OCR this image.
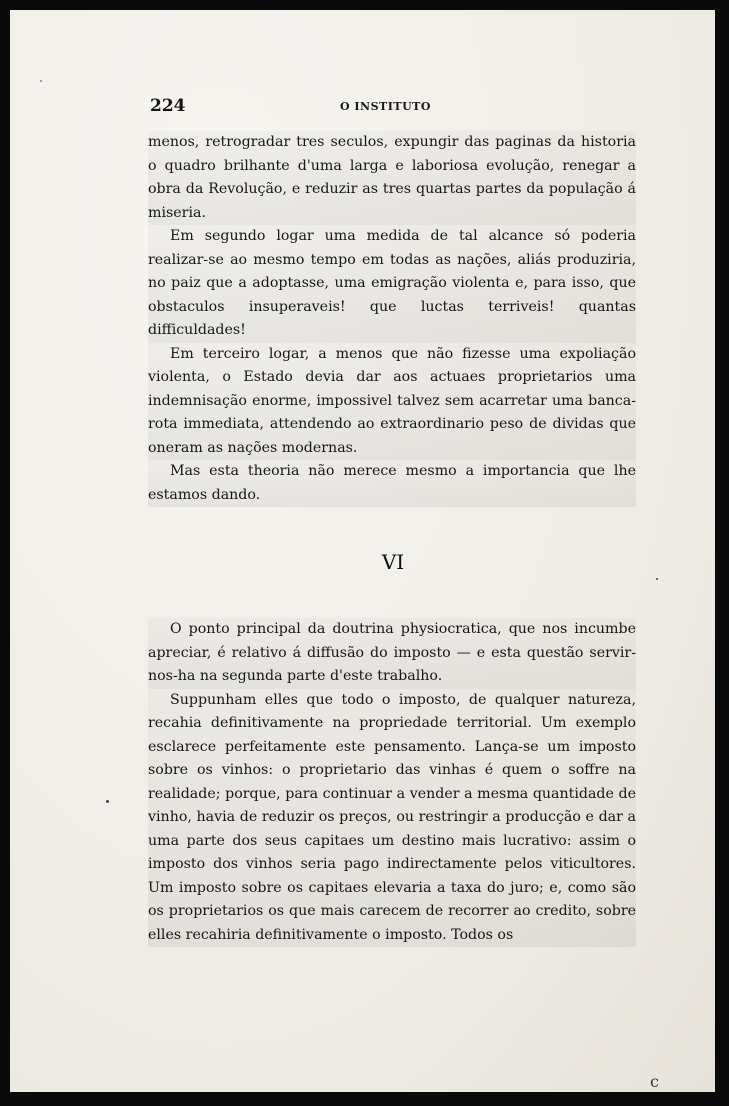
224	O INSTITUTO

menos, retrogradar tres seculos, expungir das paginas da historia o quadro brilhante d'uma larga e laboriosa evolução, renegar a obra da Revolução, e reduzir as tres quartas partes da população á miseria.

Em segundo logar uma medida de tal alcance só poderia realizar-se ao mesmo tempo em todas as nações, aliás produziria, no paiz que a adoptasse, uma emigração violenta e, para isso, que obstaculos insuperaveis! que luctas terriveis! quantas difficuldades!

Em terceiro logar, a menos que não fizesse uma expoliação violenta, o Estado devia dar aos actuaes proprietarios uma indemnisação enorme, impossivel talvez sem acarretar uma banca-rota immediata, attendendo ao extraordinario peso de dividas que oneram as nações modernas.

Mas esta theoria não merece mesmo a importancia que lhe estamos dando.

VI

O ponto principal da doutrina physiocratica, que nos incumbe apreciar, é relativo á diffusão do imposto — e esta questão servir-nos-ha na segunda parte d'este trabalho.

Suppunham elles que todo o imposto, de qualquer natureza, recahia definitivamente na propriedade territorial. Um exemplo esclarece perfeitamente este pensamento. Lança-se um imposto sobre os vinhos: o proprietario das vinhas é quem o soffre na realidade; porque, para continuar a vender a mesma quantidade de vinho, havia de reduzir os preços, ou restringir a producção e dar a uma parte dos seus capitaes um destino mais lucrativo: assim o imposto dos vinhos seria pago indirectamente pelos viticultores. Um imposto sobre os capitaes elevaria a taxa do juro; e, como são os proprietarios os que mais carecem de recorrer ao credito, sobre elles recahiria definitivamente o imposto. Todos os

ϲ
